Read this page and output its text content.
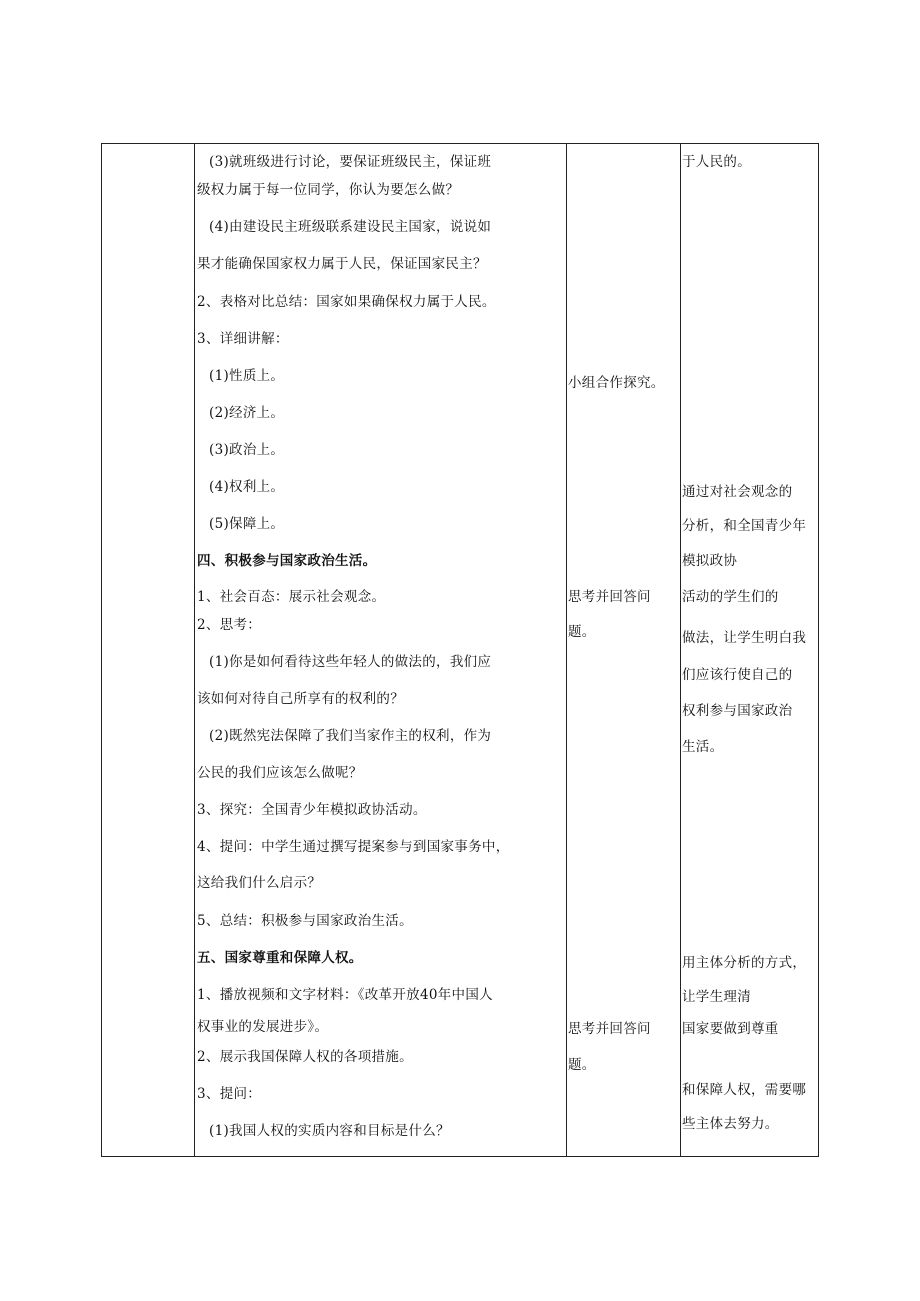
(3)就班级进行讨论，要保证班级民主，保证班
级权力属于每一位同学，你认为要怎么做？
(4)由建设民主班级联系建设民主国家，说说如
果才能确保国家权力属于人民，保证国家民主？
2、表格对比总结：国家如果确保权力属于人民。
3、详细讲解：
(1)性质上。
(2)经济上。
(3)政治上。
(4)权利上。
(5)保障上。
四、积极参与国家政治生活。
1、社会百态：展示社会观念。
2、思考：
(1)你是如何看待这些年轻人的做法的，我们应
该如何对待自己所享有的权利的？
(2)既然宪法保障了我们当家作主的权利，作为
公民的我们应该怎么做呢？
3、探究：全国青少年模拟政协活动。
4、提问：中学生通过撰写提案参与到国家事务中，
这给我们什么启示？
5、总结：积极参与国家政治生活。
五、国家尊重和保障人权。
1、播放视频和文字材料：《改革开放40年中国人
权事业的发展进步》。
2、展示我国保障人权的各项措施。
3、提问：
(1)我国人权的实质内容和目标是什么？
小组合作探究。
思考并回答问
题。
思考并回答问
题。
于人民的。
通过对社会观念的
分析，和全国青少年
模拟政协
活动的学生们的
做法，让学生明白我
们应该行使自己的
权利参与国家政治
生活。
用主体分析的方式，
让学生理清
国家要做到尊重
和保障人权，需要哪
些主体去努力。
